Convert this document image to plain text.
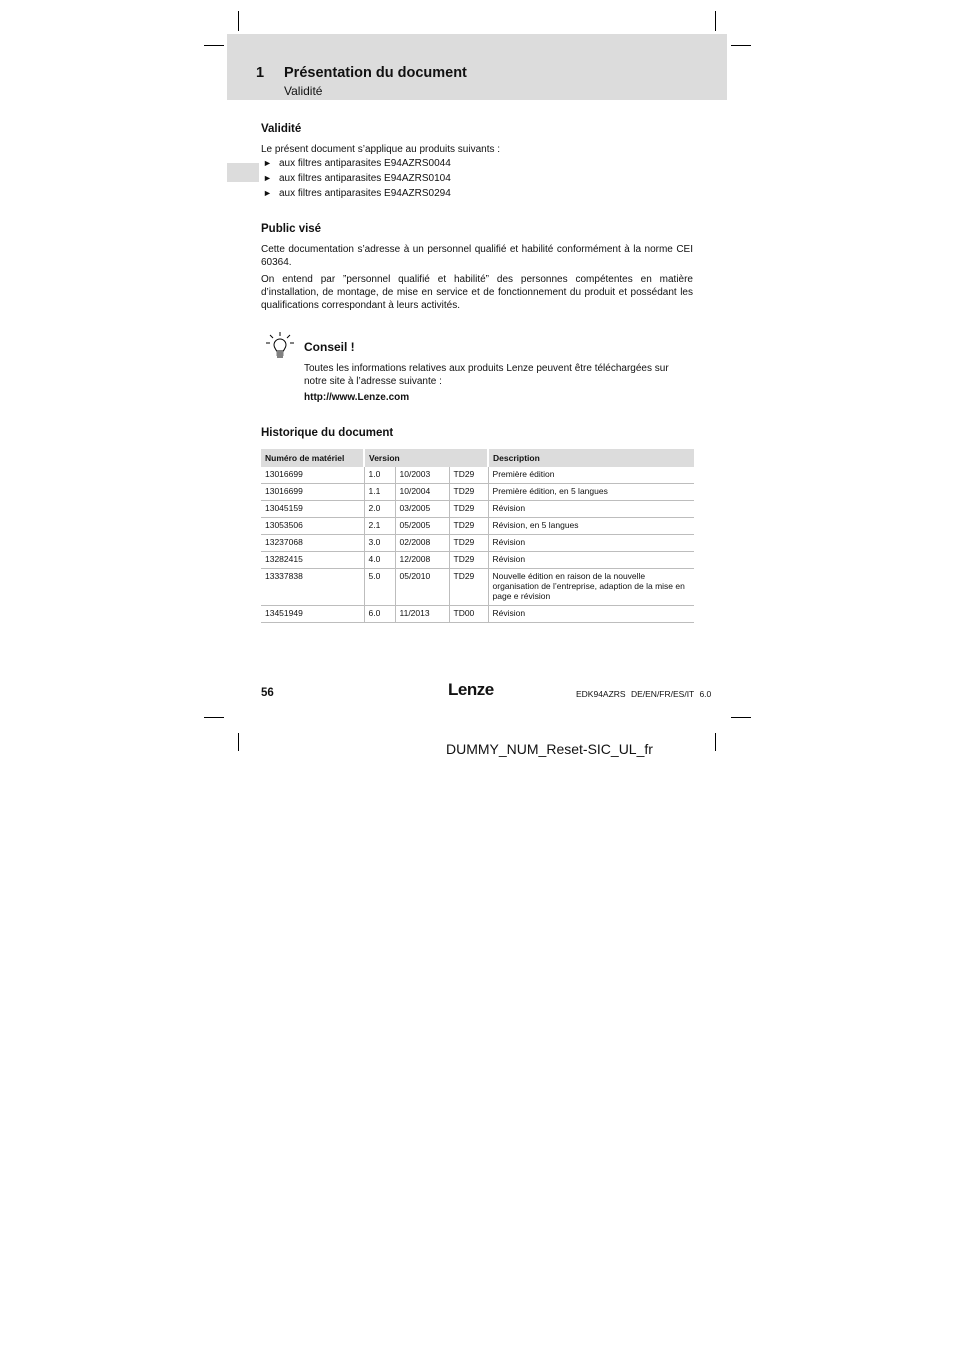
1 Présentation du document
Validité
Validité
Le présent document s’applique au produits suivants :
► aux filtres antiparasites E94AZRS0044
► aux filtres antiparasites E94AZRS0104
► aux filtres antiparasites E94AZRS0294
Public visé
Cette documentation s’adresse à un personnel qualifié et habilité conformément à la norme CEI 60364.
On entend par ”personnel qualifié et habilité” des personnes compétentes en matière d’installation, de montage, de mise en service et de fonctionnement du produit et possédant les qualifications correspondant à leurs activités.
Conseil !
Toutes les informations relatives aux produits Lenze peuvent être téléchargées sur notre site à l’adresse suivante :
http://www.Lenze.com
Historique du document
Numéro de matériel	Version			Description
13016699	1.0	10/2003	TD29	Première édition
13016699	1.1	10/2004	TD29	Première édition, en 5 langues
13045159	2.0	03/2005	TD29	Révision
13053506	2.1	05/2005	TD29	Révision, en 5 langues
13237068	3.0	02/2008	TD29	Révision
13282415	4.0	12/2008	TD29	Révision
13337838	5.0	05/2010	TD29	Nouvelle édition en raison de la nouvelle organisation de l’entreprise, adaption de la mise en page e révision
13451949	6.0	11/2013	TD00	Révision
56	Lenze	EDK94AZRS DE/EN/FR/ES/IT 6.0
DUMMY_NUM_Reset-SIC_UL_fr
